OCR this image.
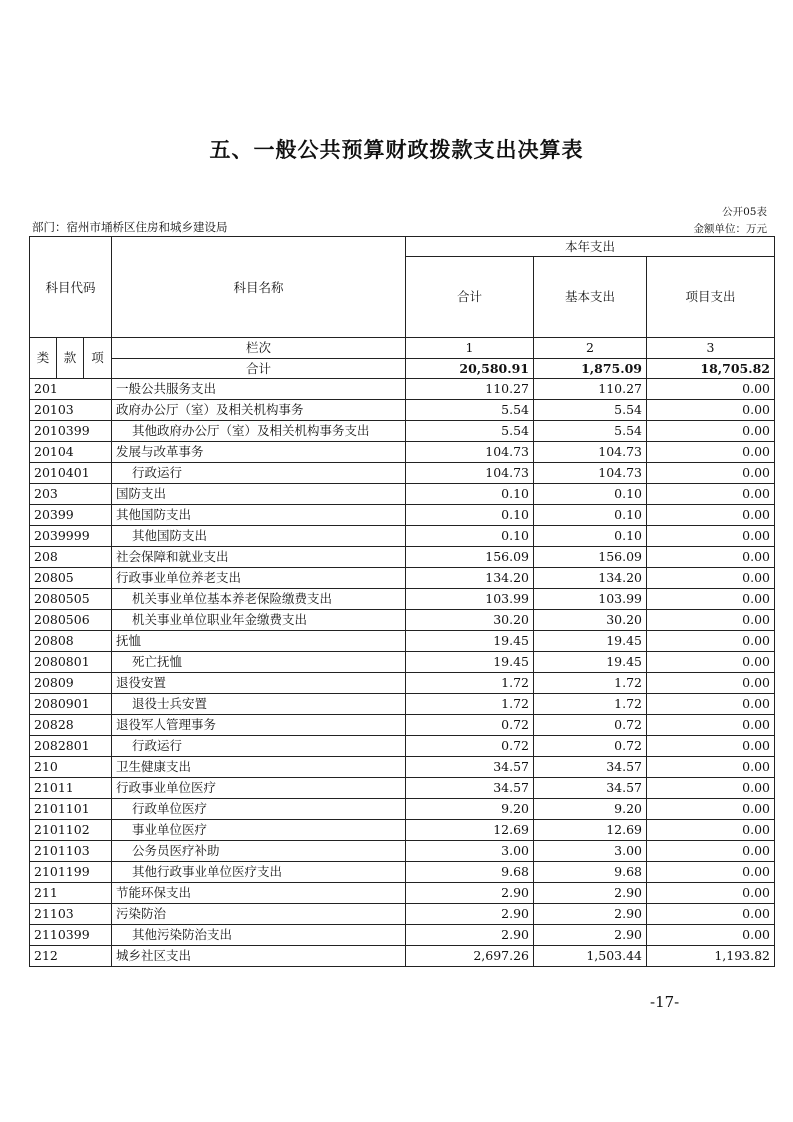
五、一般公共预算财政拨款支出决算表
公开05表
部门：宿州市埇桥区住房和城乡建设局	金额单位：万元
科目代码			科目名称	本年支出		
				合计	基本支出	项目支出
类	款	项	栏次	1	2	3
			合计	20,580.91	1,875.09	18,705.82
201			一般公共服务支出	110.27	110.27	0.00
20103			政府办公厅（室）及相关机构事务	5.54	5.54	0.00
2010399			其他政府办公厅（室）及相关机构事务支出	5.54	5.54	0.00
20104			发展与改革事务	104.73	104.73	0.00
2010401			行政运行	104.73	104.73	0.00
203			国防支出	0.10	0.10	0.00
20399			其他国防支出	0.10	0.10	0.00
2039999			其他国防支出	0.10	0.10	0.00
208			社会保障和就业支出	156.09	156.09	0.00
20805			行政事业单位养老支出	134.20	134.20	0.00
2080505			机关事业单位基本养老保险缴费支出	103.99	103.99	0.00
2080506			机关事业单位职业年金缴费支出	30.20	30.20	0.00
20808			抚恤	19.45	19.45	0.00
2080801			死亡抚恤	19.45	19.45	0.00
20809			退役安置	1.72	1.72	0.00
2080901			退役士兵安置	1.72	1.72	0.00
20828			退役军人管理事务	0.72	0.72	0.00
2082801			行政运行	0.72	0.72	0.00
210			卫生健康支出	34.57	34.57	0.00
21011			行政事业单位医疗	34.57	34.57	0.00
2101101			行政单位医疗	9.20	9.20	0.00
2101102			事业单位医疗	12.69	12.69	0.00
2101103			公务员医疗补助	3.00	3.00	0.00
2101199			其他行政事业单位医疗支出	9.68	9.68	0.00
211			节能环保支出	2.90	2.90	0.00
21103			污染防治	2.90	2.90	0.00
2110399			其他污染防治支出	2.90	2.90	0.00
212			城乡社区支出	2,697.26	1,503.44	1,193.82
-17-
